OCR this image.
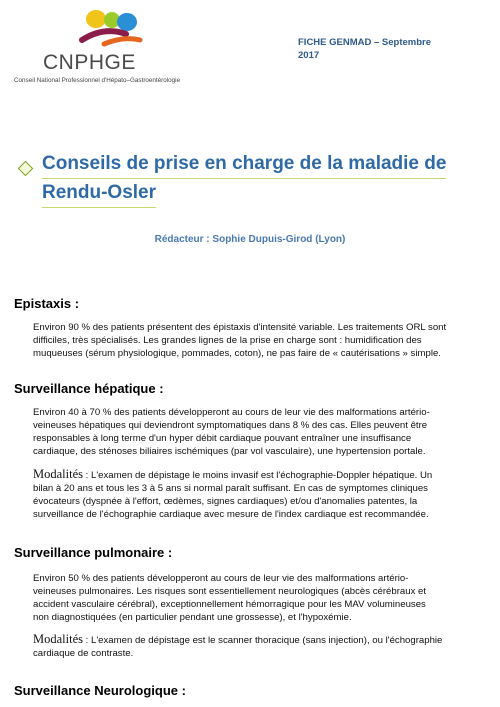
CNPHGE
Conseil National Professionnel d'Hépato–Gastroentérologie
FICHE GENMAD – Septembre 2017
Conseils de prise en charge de la maladie de
Rendu-Osler
Rédacteur : Sophie Dupuis-Girod (Lyon)
Epistaxis :
Environ 90 % des patients présentent des épistaxis d'intensité variable. Les traitements ORL sont
difficiles, très spécialisés. Les grandes lignes de la prise en charge sont : humidification des
muqueuses (sérum physiologique, pommades, coton), ne pas faire de « cautérisations » simple.
Surveillance hépatique :
Environ 40 à 70 % des patients développeront au cours de leur vie des malformations artério-
veineuses hépatiques qui deviendront symptomatiques dans 8 % des cas. Elles peuvent être
responsables à long terme d'un hyper débit cardiaque pouvant entraîner une insuffisance
cardiaque, des sténoses biliaires ischémiques (par vol vasculaire), une hypertension portale.
Modalités : L'examen de dépistage le moins invasif est l'échographie-Doppler hépatique. Un
bilan à 20 ans et tous les 3 à 5 ans si normal paraît suffisant. En cas de symptomes cliniques
évocateurs (dyspnée à l'effort, œdèmes, signes cardiaques) et/ou d'anomalies patentes, la
surveillance de l'échographie cardiaque avec mesure de l'index cardiaque est recommandée.
Surveillance pulmonaire :
Environ 50 % des patients développeront au cours de leur vie des malformations artério-
veineuses pulmonaires. Les risques sont essentiellement neurologiques (abcès cérébraux et
accident vasculaire cérébral), exceptionnellement hémorragique pour les MAV volumineuses
non diagnostiquées (en particulier pendant une grossesse), et l'hypoxémie.
Modalités : L'examen de dépistage est le scanner thoracique (sans injection), ou l'échographie
cardiaque de contraste.
Surveillance Neurologique :
